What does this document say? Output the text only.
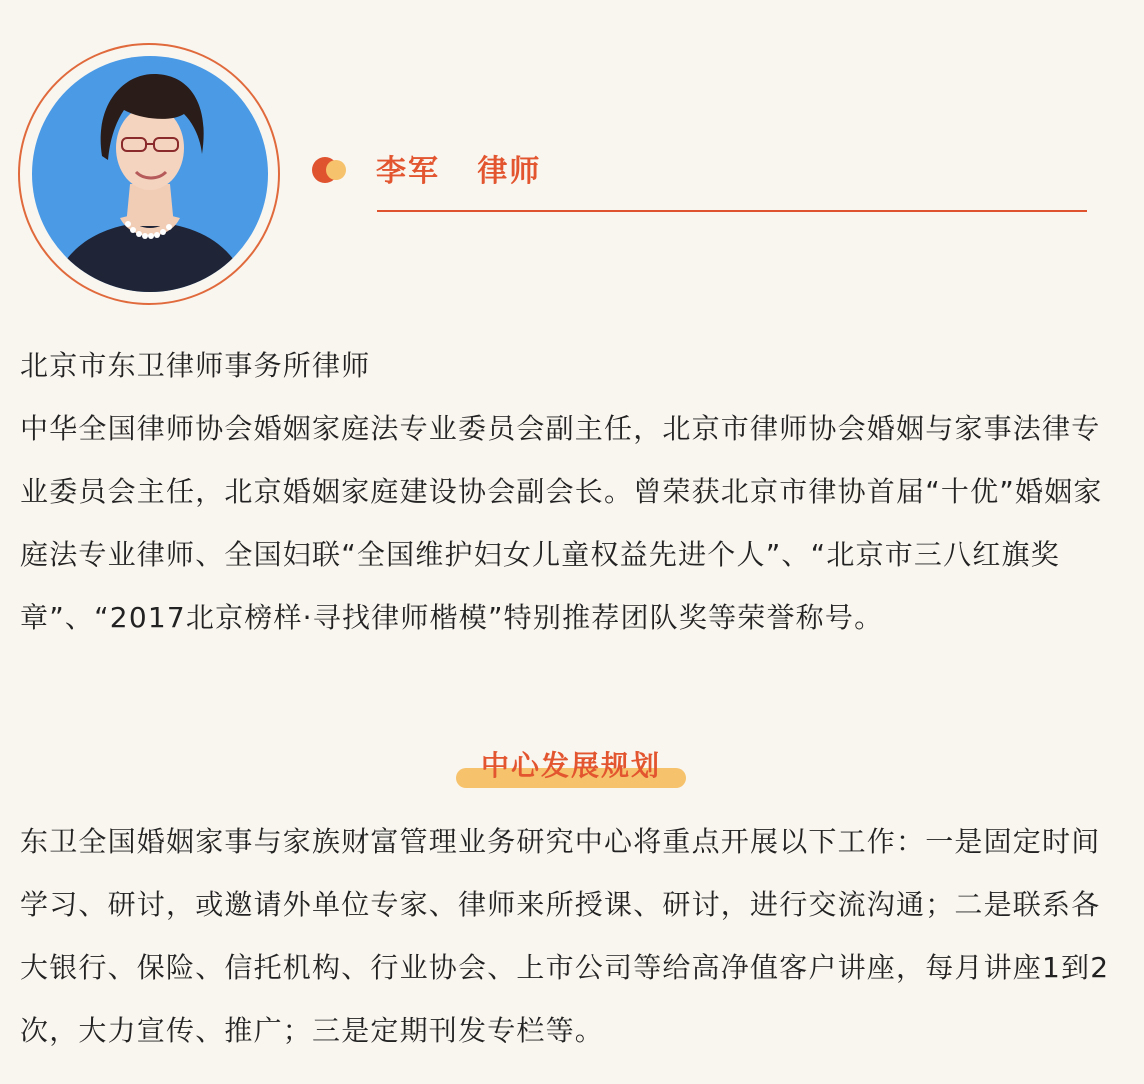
李军 律师

北京市东卫律师事务所律师

中华全国律师协会婚姻家庭法专业委员会副主任，北京市律师协会婚姻与家事法律专业委员会主任，北京婚姻家庭建设协会副会长。曾荣获北京市律协首届“十优”婚姻家庭法专业律师、全国妇联“全国维护妇女儿童权益先进个人”、“北京市三八红旗奖章”、“2017北京榜样·寻找律师楷模”特别推荐团队奖等荣誉称号。

中心发展规划

东卫全国婚姻家事与家族财富管理业务研究中心将重点开展以下工作：一是固定时间学习、研讨，或邀请外单位专家、律师来所授课、研讨，进行交流沟通；二是联系各大银行、保险、信托机构、行业协会、上市公司等给高净值客户讲座，每月讲座1到2次，大力宣传、推广；三是定期刊发专栏等。
